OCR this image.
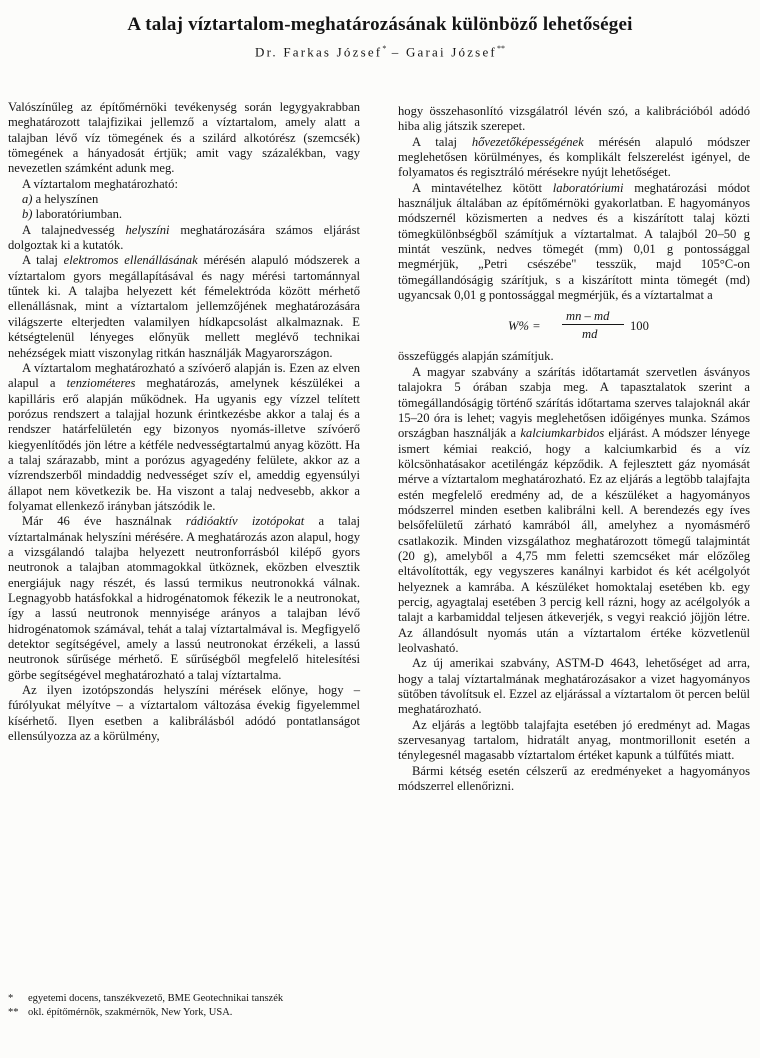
A talaj víztartalom-meghatározásának különböző lehetőségei
Dr. Farkas József* – Garai József**

Valószínűleg az építőmérnöki tevékenység során legygyakrabban meghatározott talajfizikai jellemző a víztartalom, amely alatt a talajban lévő víz tömegének és a szilárd alkotórész (szemcsék) tömegének a hányadosát értjük; amit vagy százalékban, vagy nevezetlen számként adunk meg.

A víztartalom meghatározható:

a) a helyszínen

b) laboratóriumban.

A talajnedvesség helyszíni meghatározására számos eljárást dolgoztak ki a kutatók.

A talaj elektromos ellenállásának mérésén alapuló módszerek a víztartalom gyors megállapításával és nagy mérési tartománnyal tűntek ki. A talajba helyezett két fémelektróda között mérhető ellenállásnak, mint a víztartalom jellemzőjének meghatározására világszerte elterjedten valamilyen hídkapcsolást alkalmaznak. E kétségtelenül lényeges előnyük mellett meglévő technikai nehézségek miatt viszonylag ritkán használják Magyarországon.

A víztartalom meghatározható a szívóerő alapján is. Ezen az elven alapul a tenziométeres meghatározás, amelynek készülékei a kapilláris erő alapján működnek. Ha ugyanis egy vízzel telített porózus rendszert a talajjal hozunk érintkezésbe akkor a talaj és a rendszer határfelületén egy bizonyos nyomás-illetve szívóerő kiegyenlítődés jön létre a kétféle nedvességtartalmú anyag között. Ha a talaj szárazabb, mint a porózus agyagedény felülete, akkor az a vízrendszerből mindaddig nedvességet szív el, ameddig egyensúlyi állapot nem következik be. Ha viszont a talaj nedvesebb, akkor a folyamat ellenkező irányban játszódik le.

Már 46 éve használnak rádióaktív izotópokat a talaj víztartalmának helyszíni mérésére. A meghatározás azon alapul, hogy a vizsgálandó talajba helyezett neutronforrásból kilépő gyors neutronok a talajban atommagokkal ütköznek, eközben elvesztik energiájuk nagy részét, és lassú termikus neutronokká válnak. Legnagyobb hatásfokkal a hidrogénatomok fékezik le a neutronokat, így a lassú neutronok mennyisége arányos a talajban lévő hidrogénatomok számával, tehát a talaj víztartalmával is. Megfigyelő detektor segítségével, amely a lassú neutronokat érzékeli, a lassú neutronok sűrűsége mérhető. E sűrűségből megfelelő hitelesítési görbe segítségével meghatározható a talaj víztartalma.

Az ilyen izotópszondás helyszíni mérések előnye, hogy – fúrólyukat mélyítve – a víztartalom változása évekig figyelemmel kísérhető. Ilyen esetben a kalibrálásból adódó pontatlanságot ellensúlyozza az a körülmény,

hogy összehasonlító vizsgálatról lévén szó, a kalibrációból adódó hiba alig játszik szerepet.

A talaj hővezetőképességének mérésén alapuló módszer meglehetősen körülményes, és komplikált felszerelést igényel, de folyamatos és regisztráló mérésekre nyújt lehetőséget.

A mintavételhez kötött laboratóriumi meghatározási módot használjuk általában az építőmérnöki gyakorlatban. E hagyományos módszernél közismerten a nedves és a kiszárított talaj közti tömegkülönbségből számítjuk a víztartalmat. A talajból 20–50 g mintát veszünk, nedves tömegét (mm) 0,01 g pontossággal megmérjük, „Petri csészébe" tesszük, majd 105°C-on tömegállandóságig szárítjuk, s a kiszárított minta tömegét (md) ugyancsak 0,01 g pontossággal megmérjük, és a víztartalmat a

W% =
mn – md
md
100

összefüggés alapján számítjuk.

A magyar szabvány a szárítás időtartamát szervetlen ásványos talajokra 5 órában szabja meg. A tapasztalatok szerint a tömegállandóságig történő szárítás időtartama szerves talajoknál akár 15–20 óra is lehet; vagyis meglehetősen időigényes munka. Számos országban használják a kalciumkarbidos eljárást. A módszer lényege ismert kémiai reakció, hogy a kalciumkarbid és a víz kölcsönhatásakor acetiléngáz képződik. A fejlesztett gáz nyomását mérve a víztartalom meghatározható. Ez az eljárás a legtöbb talajfajta estén megfelelő eredmény ad, de a készüléket a hagyományos módszerrel minden esetben kalibrálni kell. A berendezés egy íves belsőfelületű zárható kamrából áll, amelyhez a nyomásmérő csatlakozik. Minden vizsgálathoz meghatározott tömegű talajmintát (20 g), amelyből a 4,75 mm feletti szemcséket már előzőleg eltávolították, egy vegyszeres kanálnyi karbidot és két acélgolyót helyeznek a kamrába. A készüléket homoktalaj esetében kb. egy percig, agyagtalaj esetében 3 percig kell rázni, hogy az acélgolyók a talajt a karbamiddal teljesen átkeverjék, s vegyi reakció jöjjön létre. Az állandósult nyomás után a víztartalom értéke közvetlenül leolvasható.

Az új amerikai szabvány, ASTM-D 4643, lehetőséget ad arra, hogy a talaj víztartalmának meghatározásakor a vizet hagyományos sütőben távolítsuk el. Ezzel az eljárással a víztartalom öt percen belül meghatározható.

Az eljárás a legtöbb talajfajta esetében jó eredményt ad. Magas szervesanyag tartalom, hidratált anyag, montmorillonit esetén a ténylegesnél magasabb víztartalom értéket kapunk a túlfűtés miatt.

Bármi kétség esetén célszerű az eredményeket a hagyományos módszerrel ellenőrizni.

*	egyetemi docens, tanszékvezető, BME Geotechnikai tanszék
** okl. építőmérnök, szakmérnök, New York, USA.
